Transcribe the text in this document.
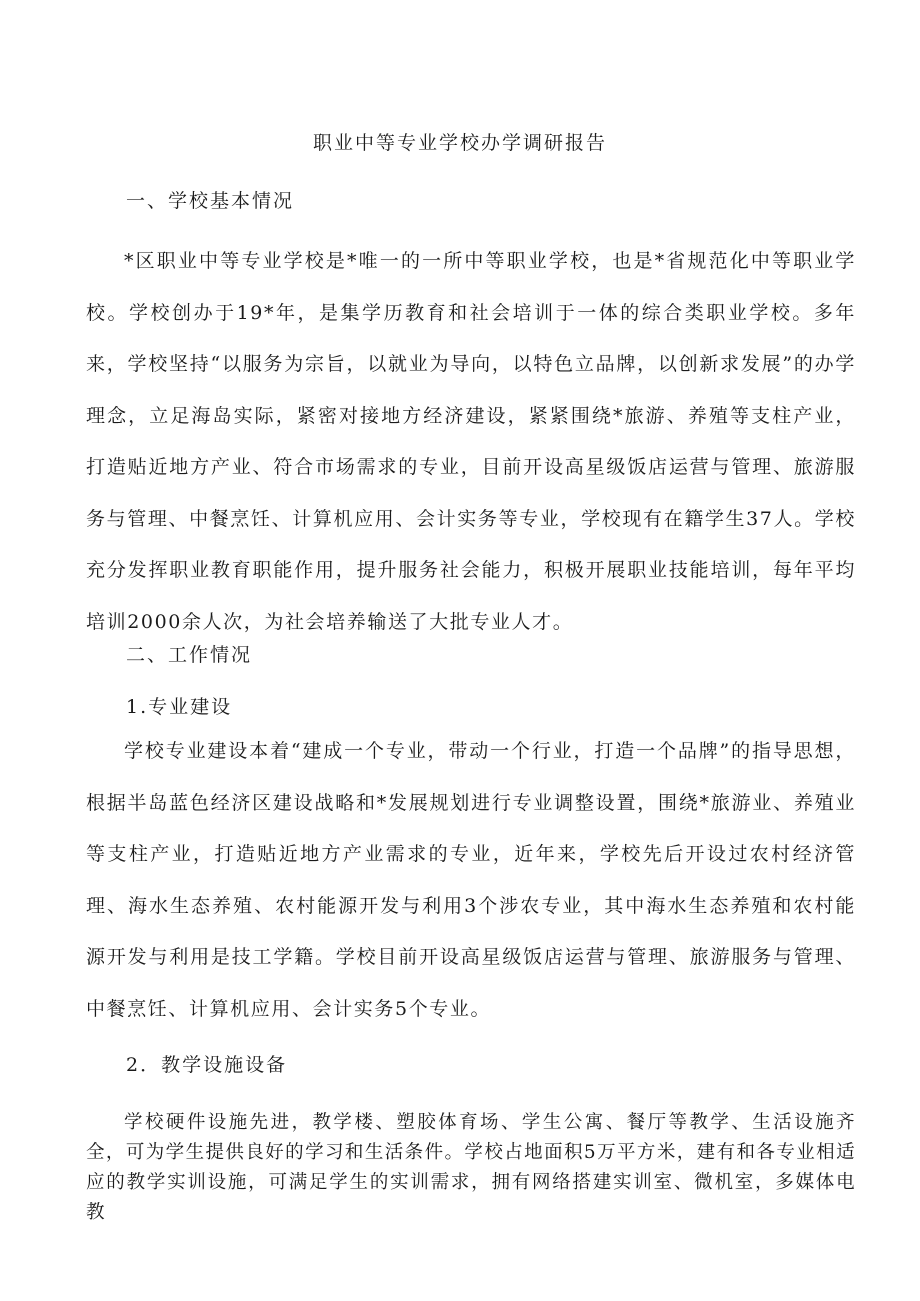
职业中等专业学校办学调研报告
一、学校基本情况
*区职业中等专业学校是*唯一的一所中等职业学校，也是*省规范化中等职业学校。学校创办于19*年，是集学历教育和社会培训于一体的综合类职业学校。多年来，学校坚持“以服务为宗旨，以就业为导向，以特色立品牌，以创新求发展”的办学理念，立足海岛实际，紧密对接地方经济建设，紧紧围绕*旅游、养殖等支柱产业，打造贴近地方产业、符合市场需求的专业，目前开设高星级饭店运营与管理、旅游服务与管理、中餐烹饪、计算机应用、会计实务等专业，学校现有在籍学生37人。学校充分发挥职业教育职能作用，提升服务社会能力，积极开展职业技能培训，每年平均培训2000余人次，为社会培养输送了大批专业人才。
二、工作情况
1.专业建设
学校专业建设本着“建成一个专业，带动一个行业，打造一个品牌”的指导思想，根据半岛蓝色经济区建设战略和*发展规划进行专业调整设置，围绕*旅游业、养殖业等支柱产业，打造贴近地方产业需求的专业，近年来，学校先后开设过农村经济管理、海水生态养殖、农村能源开发与利用3个涉农专业，其中海水生态养殖和农村能源开发与利用是技工学籍。学校目前开设高星级饭店运营与管理、旅游服务与管理、中餐烹饪、计算机应用、会计实务5个专业。
2．教学设施设备
学校硬件设施先进，教学楼、塑胶体育场、学生公寓、餐厅等教学、生活设施齐全，可为学生提供良好的学习和生活条件。学校占地面积5万平方米，建有和各专业相适应的教学实训设施，可满足学生的实训需求，拥有网络搭建实训室、微机室，多媒体电教
